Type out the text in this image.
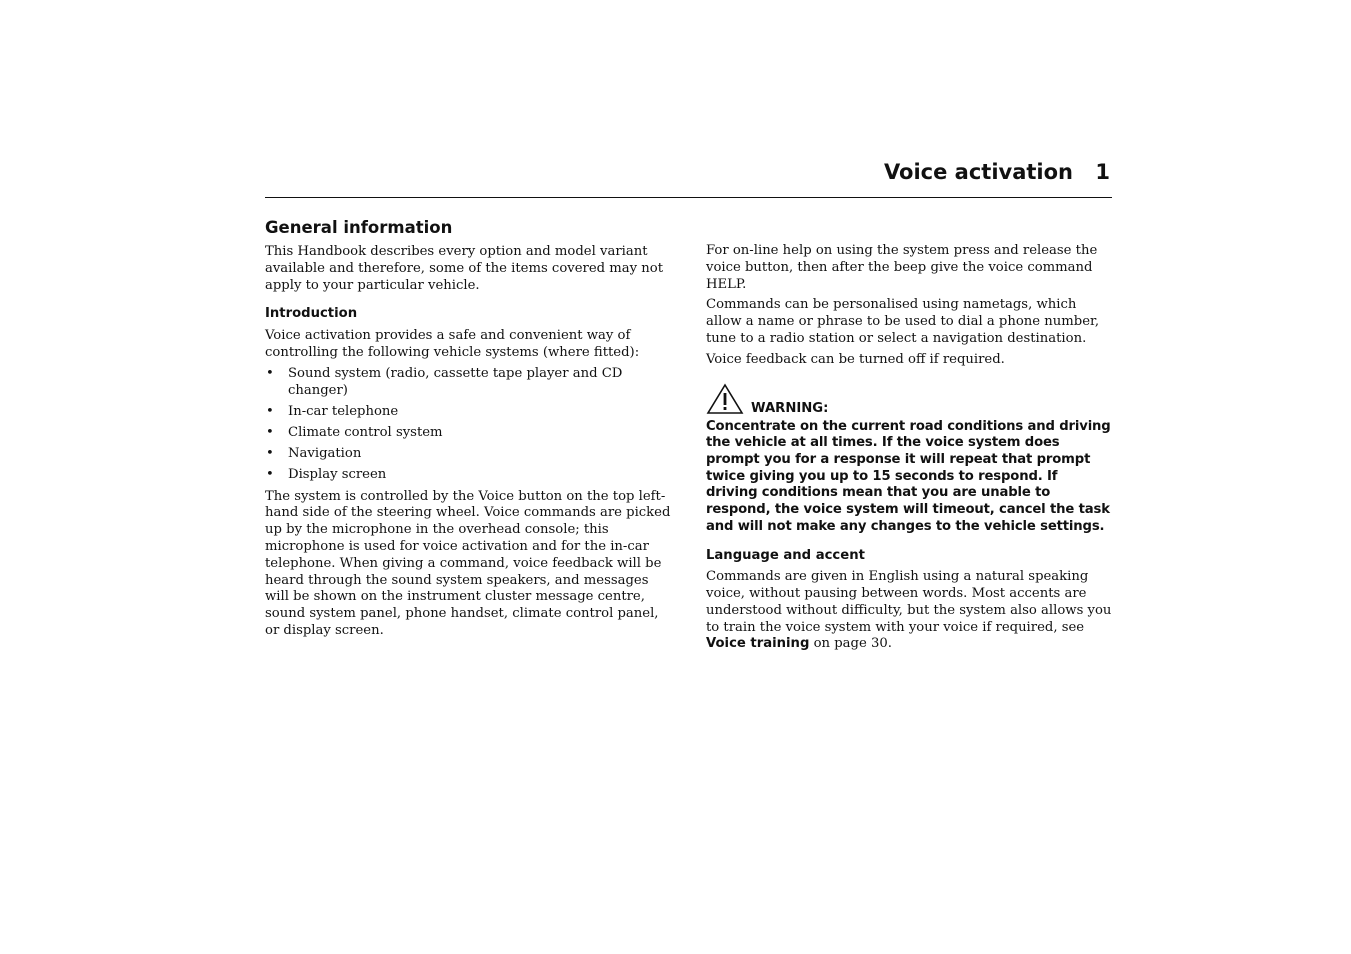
Voice activation 1
General information

This Handbook describes every option and model variant available and therefore, some of the items covered may not apply to your particular vehicle.

Introduction

Voice activation provides a safe and convenient way of controlling the following vehicle systems (where fitted):

• Sound system (radio, cassette tape player and CD changer)
• In-car telephone
• Climate control system
• Navigation
• Display screen

The system is controlled by the Voice button on the top left-hand side of the steering wheel. Voice commands are picked up by the microphone in the overhead console; this microphone is used for voice activation and for the in-car telephone. When giving a command, voice feedback will be heard through the sound system speakers, and messages will be shown on the instrument cluster message centre, sound system panel, phone handset, climate control panel, or display screen.

For on-line help on using the system press and release the voice button, then after the beep give the voice command HELP.

Commands can be personalised using nametags, which allow a name or phrase to be used to dial a phone number, tune to a radio station or select a navigation destination.

Voice feedback can be turned off if required.

WARNING:
Concentrate on the current road conditions and driving the vehicle at all times. If the voice system does prompt you for a response it will repeat that prompt twice giving you up to 15 seconds to respond. If driving conditions mean that you are unable to respond, the voice system will timeout, cancel the task and will not make any changes to the vehicle settings.
Language and accent

Commands are given in English using a natural speaking voice, without pausing between words. Most accents are understood without difficulty, but the system also allows you to train the voice system with your voice if required, see Voice training on page 30.
